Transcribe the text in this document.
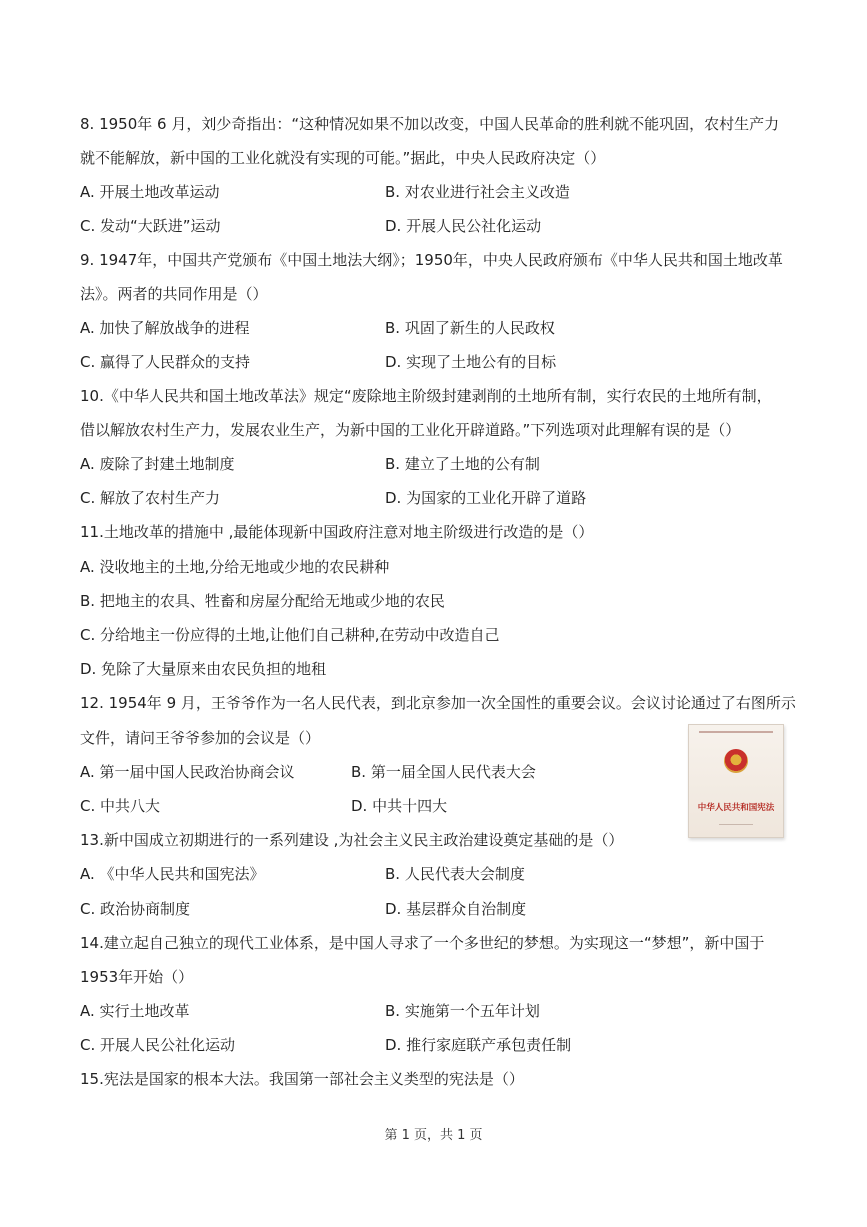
8. 1950年 6 月，刘少奇指出：“这种情况如果不加以改变，中国人民革命的胜利就不能巩固，农村生产力
就不能解放，新中国的工业化就没有实现的可能。”据此，中央人民政府决定（）
A. 开展土地改革运动	B. 对农业进行社会主义改造
C. 发动“大跃进”运动	D. 开展人民公社化运动
9. 1947年，中国共产党颁布《中国土地法大纲》；1950年，中央人民政府颁布《中华人民共和国土地改革
法》。两者的共同作用是（）
A. 加快了解放战争的进程	B. 巩固了新生的人民政权
C. 赢得了人民群众的支持	D. 实现了土地公有的目标
10.《中华人民共和国土地改革法》规定“废除地主阶级封建剥削的土地所有制，实行农民的土地所有制，
借以解放农村生产力，发展农业生产，为新中国的工业化开辟道路。”下列选项对此理解有误的是（）
A. 废除了封建土地制度	B. 建立了土地的公有制
C. 解放了农村生产力	D. 为国家的工业化开辟了道路
11.土地改革的措施中 ,最能体现新中国政府注意对地主阶级进行改造的是（）
A. 没收地主的土地,分给无地或少地的农民耕种
B. 把地主的农具、牲畜和房屋分配给无地或少地的农民
C. 分给地主一份应得的土地,让他们自己耕种,在劳动中改造自己
D. 免除了大量原来由农民负担的地租
12. 1954年 9 月，王爷爷作为一名人民代表，到北京参加一次全国性的重要会议。会议讨论通过了右图所示
文件，请问王爷爷参加的会议是（）
A. 第一届中国人民政治协商会议	B. 第一届全国人民代表大会
C. 中共八大	D. 中共十四大	中华人民共和国宪法
13.新中国成立初期进行的一系列建设 ,为社会主义民主政治建设奠定基础的是（）
A. 《中华人民共和国宪法》	B. 人民代表大会制度
C. 政治协商制度	D. 基层群众自治制度
14.建立起自己独立的现代工业体系，是中国人寻求了一个多世纪的梦想。为实现这一“梦想”，新中国于
1953年开始（）
A. 实行土地改革	B. 实施第一个五年计划
C. 开展人民公社化运动	D. 推行家庭联产承包责任制
15.宪法是国家的根本大法。我国第一部社会主义类型的宪法是（）
第 1 页，共 1 页
